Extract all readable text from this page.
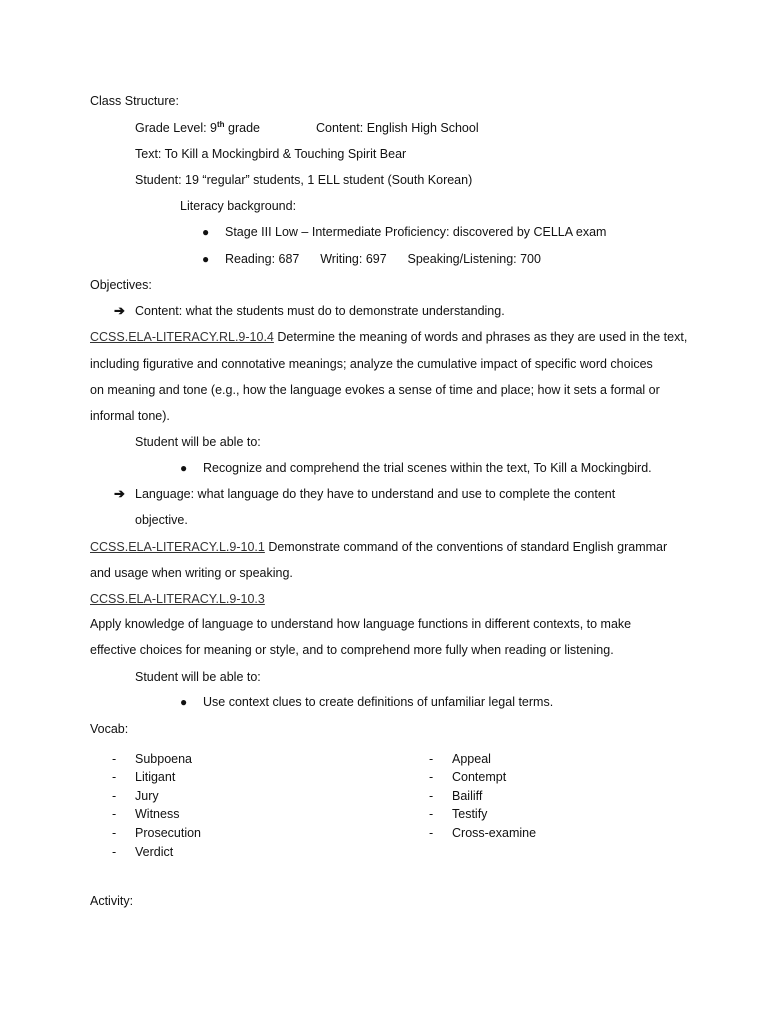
Class Structure:
Grade Level: 9th grade	Content: English High School
Text: To Kill a Mockingbird & Touching Spirit Bear
Student: 19 “regular” students, 1 ELL student (South Korean)
Literacy background:
● Stage III Low – Intermediate Proficiency: discovered by CELLA exam
● Reading: 687      Writing: 697      Speaking/Listening: 700
Objectives:
➔ Content: what the students must do to demonstrate understanding.
CCSS.ELA-LITERACY.RL.9-10.4 Determine the meaning of words and phrases as they are used in the text,
including figurative and connotative meanings; analyze the cumulative impact of specific word choices
on meaning and tone (e.g., how the language evokes a sense of time and place; how it sets a formal or
informal tone).
Student will be able to:
● Recognize and comprehend the trial scenes within the text, To Kill a Mockingbird.
➔ Language: what language do they have to understand and use to complete the content
objective.
CCSS.ELA-LITERACY.L.9-10.1 Demonstrate command of the conventions of standard English grammar
and usage when writing or speaking.
CCSS.ELA-LITERACY.L.9-10.3
Apply knowledge of language to understand how language functions in different contexts, to make
effective choices for meaning or style, and to comprehend more fully when reading or listening.
Student will be able to:
● Use context clues to create definitions of unfamiliar legal terms.
Vocab:
- Subpoena
- Litigant
- Jury
- Witness
- Prosecution
- Verdict
- Appeal
- Contempt
- Bailiff
- Testify
- Cross-examine
Activity:
